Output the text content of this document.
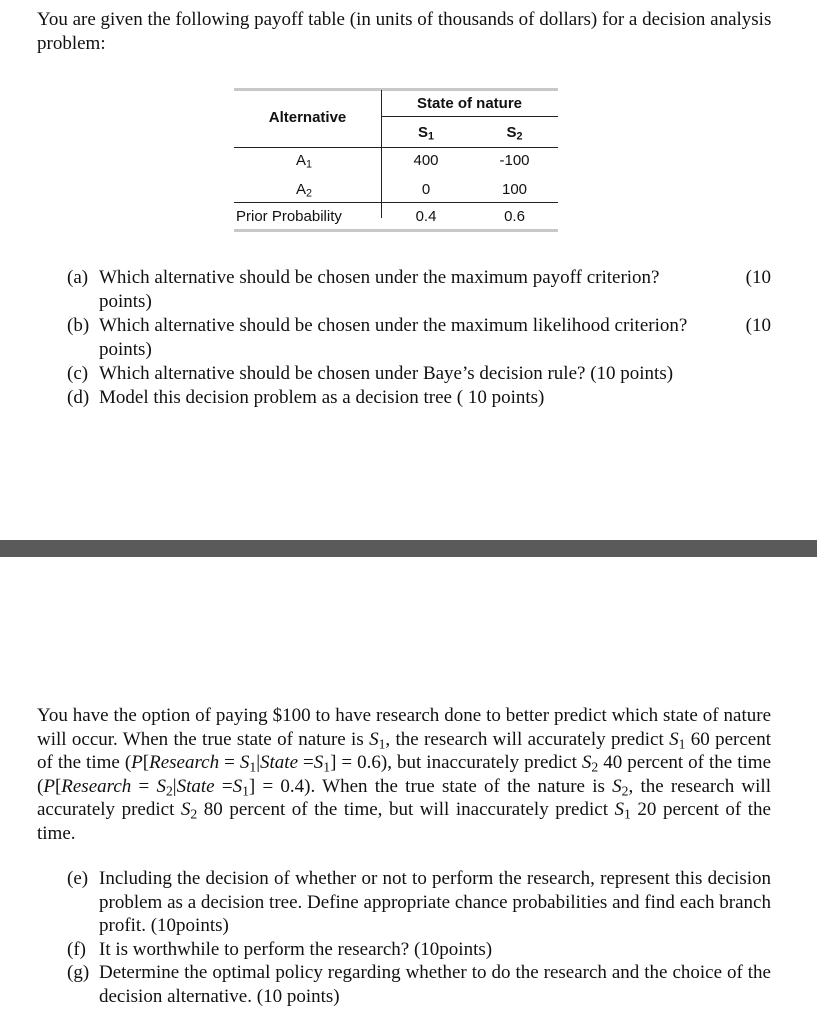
You are given the following payoff table (in units of thousands of dollars) for a decision analysis problem:
Alternative
State of nature
$S_1$	$S_2$
$A_1$	400	-100
$A_2$	0	100
Prior Probability	0.4	0.6
(a) Which alternative should be chosen under the maximum payoff criterion?	(10
points)
(b) Which alternative should be chosen under the maximum likelihood criterion?	(10
points)
(c) Which alternative should be chosen under Baye’s decision rule? (10 points)
(d) Model this decision problem as a decision tree ( 10 points)
You have the option of paying $100 to have research done to better predict which state of nature will occur. When the true state of nature is $S_1$, the research will accurately predict $S_1$ 60 percent of the time (P[Research = $S_1|State =S_1] = 0.6$), but inaccurately predict $S_2$ 40 percent of the time (P[Research = $S_2|State =S_1] = 0.4$). When the true state of the nature is $S_2$, the research will accurately predict $S_2$ 80 percent of the time, but will inaccurately predict $S_1$ 20 percent of the time.
(e) Including the decision of whether or not to perform the research, represent this decision problem as a decision tree. Define appropriate chance probabilities and find each branch profit. (10points)
(f) It is worthwhile to perform the research? (10points)
(g) Determine the optimal policy regarding whether to do the research and the choice of the decision alternative. (10 points)
